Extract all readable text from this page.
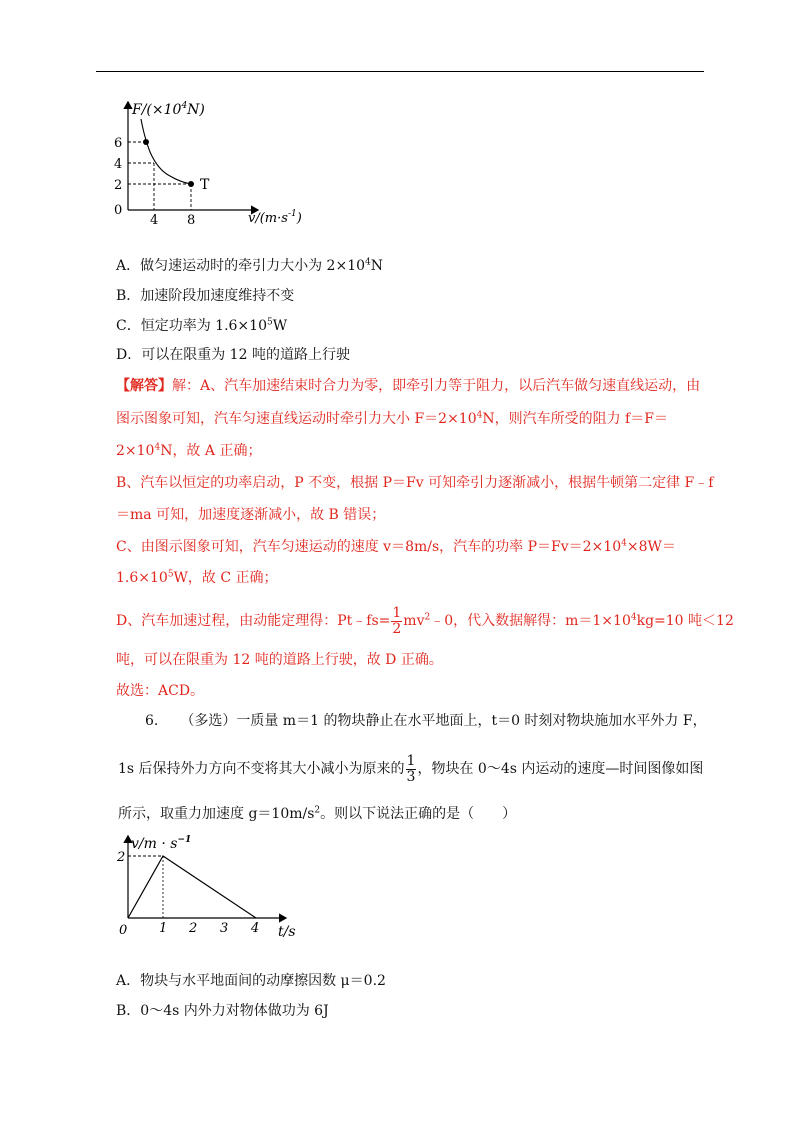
$F/(\times 10^4N)$
T
6
4
2
0
4 8	$v/(m\cdot s^{-1})$
A．做匀速运动时的牵引力大小为 $2\times 10^4N$
B．加速阶段加速度维持不变
C．恒定功率为 $1.6\times 10^5W$
D．可以在限重为 12 吨的道路上行驶
【解答】解：A、汽车加速结束时合力为零，即牵引力等于阻力，以后汽车做匀速直线运动，由
图示图象可知，汽车匀速直线运动时牵引力大小 $F=2\times 10^4N$，则汽车所受的阻力 f＝F＝
$2\times 10^4N$，故 A 正确；
B、汽车以恒定的功率启动，P 不变，根据 P＝Fv 可知牵引力逐渐减小，根据牛顿第二定律 F﹣f
＝ma 可知，加速度逐渐减小，故 B 错误；
C、由图示图象可知，汽车匀速运动的速度 v＝8m/s，汽车的功率 $P=Fv=2\times 10^4\times 8W=$
$1.6\times 10^5W$，故 C 正确；
D、汽车加速过程，由动能定理得：Pt﹣fs= $\frac{1}{2}$ $mv^2﹣0$，代入数据解得：$m=1\times 10^4kg=10$ 吨＜12
吨，可以在限重为 12 吨的道路上行驶，故 D 正确。
故选：ACD。
6. （多选）一质量 m＝1 的物块静止在水平地面上，t＝0 时刻对物块施加水平外力 F，
1s 后保持外力方向不变将其大小减小为原来的 $\frac{1}{3}$ ，物块在 0～4s 内运动的速度—时间图像如图
所示，取重力加速度 $g=10m/s^2$。则以下说法正确的是（　　）
$v/m \cdot s^{-1}$
2
0 1 2 3 4 t/s
A．物块与水平地面间的动摩擦因数 μ＝0.2
B．0～4s 内外力对物体做功为 6J
